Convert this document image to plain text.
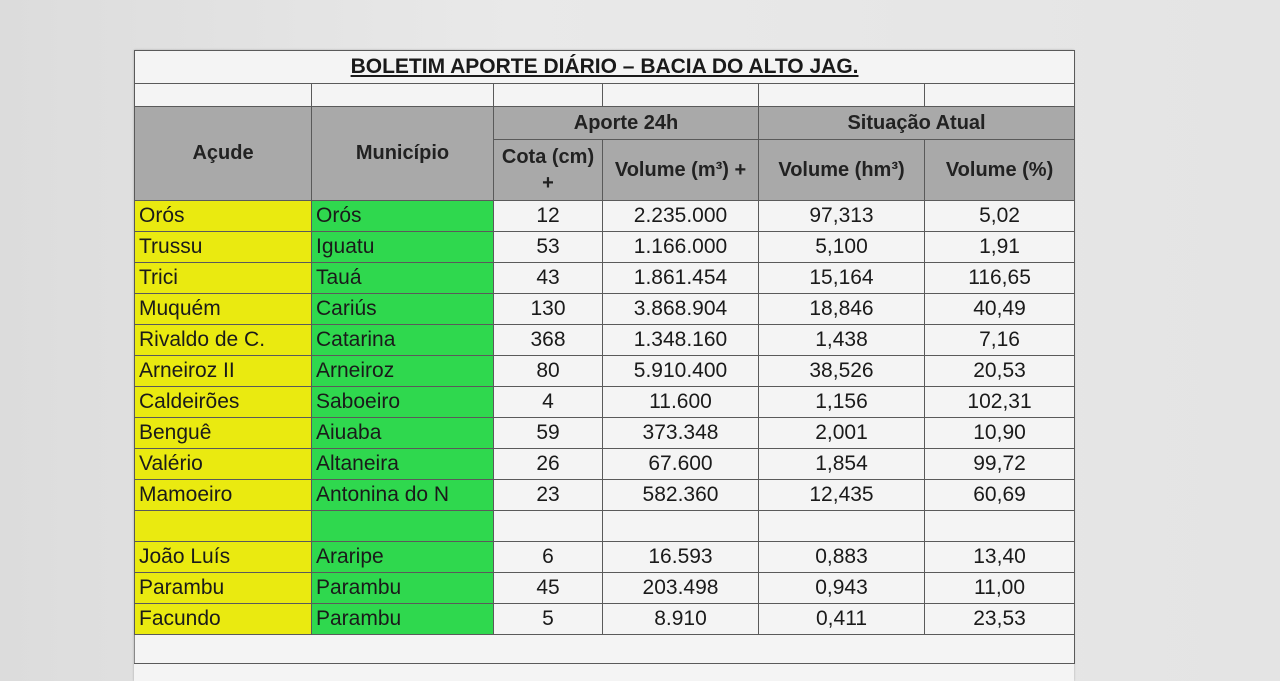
BOLETIM APORTE DIÁRIO – BACIA DO ALTO JAG.					

Açude	Município	Aporte 24h		Situação Atual	
		Cota (cm) +	Volume (m³) +	Volume (hm³)	Volume (%)
Orós	Orós	12	2.235.000	97,313	5,02
Trussu	Iguatu	53	1.166.000	5,100	1,91
Trici	Tauá	43	1.861.454	15,164	116,65
Muquém	Cariús	130	3.868.904	18,846	40,49
Rivaldo de C.	Catarina	368	1.348.160	1,438	7,16
Arneiroz II	Arneiroz	80	5.910.400	38,526	20,53
Caldeirões	Saboeiro	4	11.600	1,156	102,31
Benguê	Aiuaba	59	373.348	2,001	10,90
Valério	Altaneira	26	67.600	1,854	99,72
Mamoeiro	Antonina do N	23	582.360	12,435	60,69

João Luís	Araripe	6	16.593	0,883	13,40
Parambu	Parambu	45	203.498	0,943	11,00
Facundo	Parambu	5	8.910	0,411	23,53
